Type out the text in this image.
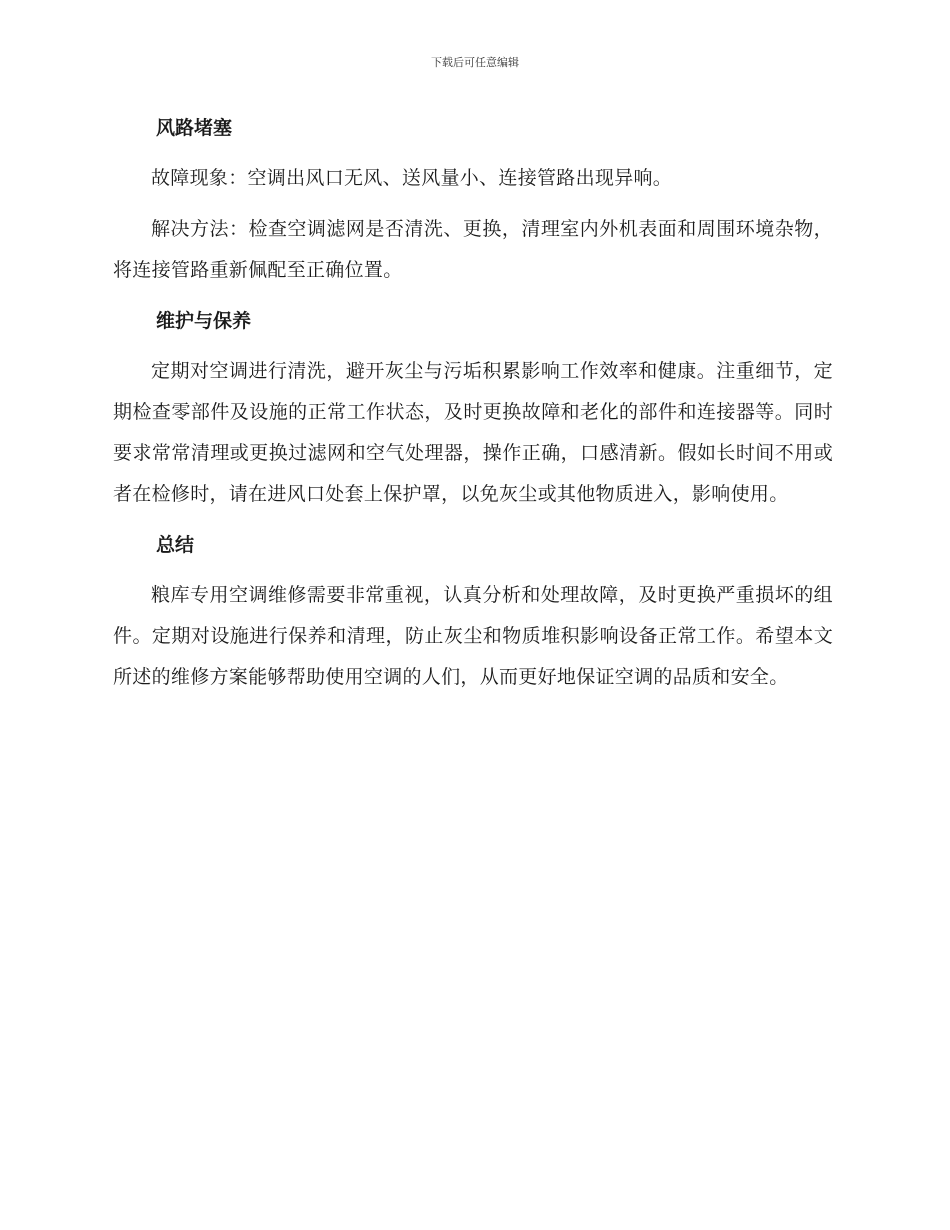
下载后可任意编辑
风路堵塞

故障现象：空调出风口无风、送风量小、连接管路出现异响。

解决方法：检查空调滤网是否清洗、更换，清理室内外机表面和周围环境杂物，将连接管路重新佩配至正确位置。

维护与保养

定期对空调进行清洗，避开灰尘与污垢积累影响工作效率和健康。注重细节，定期检查零部件及设施的正常工作状态，及时更换故障和老化的部件和连接器等。同时要求常常清理或更换过滤网和空气处理器，操作正确，口感清新。假如长时间不用或者在检修时，请在进风口处套上保护罩，以免灰尘或其他物质进入，影响使用。

总结

粮库专用空调维修需要非常重视，认真分析和处理故障，及时更换严重损坏的组件。定期对设施进行保养和清理，防止灰尘和物质堆积影响设备正常工作。希望本文所述的维修方案能够帮助使用空调的人们，从而更好地保证空调的品质和安全。
